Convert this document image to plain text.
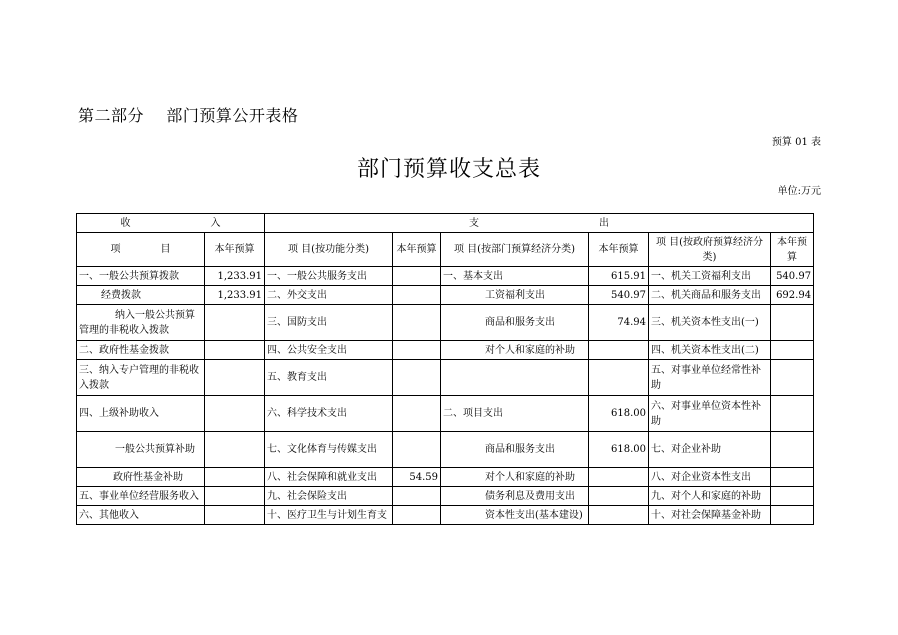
第二部分    部门预算公开表格
预算 01 表
部门预算收支总表
单位:万元
收　　　　　　　　入		支　　　　　　　　　　　　出					
项　　　　目	本年预算	项 目(按功能分类)	本年预算	项 目(按部门预算经济分类)	本年预算	项 目(按政府预算经济分类)	本年预算
一、一般公共预算拨款	1,233.91	一、一般公共服务支出		一、基本支出	615.91	一、机关工资福利支出	540.97
经费拨款	1,233.91	二、外交支出		工资福利支出	540.97	二、机关商品和服务支出	692.94
纳入一般公共预算管理的非税收入拨款		三、国防支出		商品和服务支出	74.94	三、机关资本性支出(一)	
二、政府性基金拨款		四、公共安全支出		对个人和家庭的补助		四、机关资本性支出(二)	
三、纳入专户管理的非税收入拨款		五、教育支出				五、对事业单位经常性补助	
四、上级补助收入		六、科学技术支出		二、项目支出	618.00	六、对事业单位资本性补助	
一般公共预算补助		七、文化体育与传媒支出		商品和服务支出	618.00	七、对企业补助	
政府性基金补助		八、社会保障和就业支出	54.59	对个人和家庭的补助		八、对企业资本性支出	
五、事业单位经营服务收入		九、社会保险支出		债务利息及费用支出		九、对个人和家庭的补助	
六、其他收入		十、医疗卫生与计划生育支		资本性支出(基本建设)		十、对社会保障基金补助	
